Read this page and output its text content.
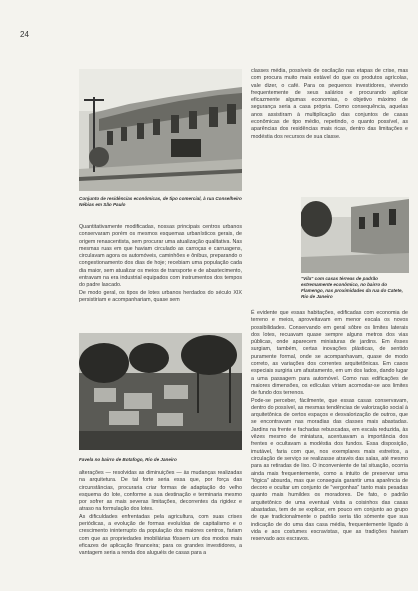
24
Conjunto de residências econômicas, de tipo comercial, à rua Conselheiro Nébias em São Paulo

Quantitativamente modificadas, nossas principais centros urbanos conservaram porém os mesmos esquemas urbanísticos gerais, de origem renascentista, sem procurar uma atualização qualitativa. Nas mesmas ruas em que haviam circulado as carroças e carruagens, circulavam agora os automóveis, caminhões e ônibus, preparando o congestionamento dos dias de hoje; recebiam uma população cada dia maior, sem atualizar os meios de transporte e de abastecimento, entravam na era industrial equipados com instrumentos dos tempos do padre lascado.

De modo geral, os tipos de lotes urbanos herdados do século XIX persistiriam e acompanhariam, quase sem

Favela no bairro de Botafogo, Rio de Janeiro

alterações — resolvidas as diminuições — às mudanças realizadas na arquitetura. De tal forte seria essa que, por força das circunstâncias, procuraria criar formas de adaptação do velho esquema do lote, conforme a sua destinação e terminaria mesmo por sofrer as mais severas limitações, decorrentes da rigidez e atraso na formulação dos lotes.

As dificuldades enfrentadas pela agricultura, com suas crises periódicas, a evolução de formas evoluídas de capitalismo e o crescimento ininterrupto da população dos maiores centros, fariam com que as propriedades imobiliárias fôssem um dos modos mais eficazes de aplicação financeira; para os grandes investidores, a vantagem seria a renda dos aluguéis de casas para a

classes média, possíveis de oscilação nas etapas de crise, mas com procura muito mais estável do que os produtos agrícolas, vale dizer, o café. Para os pequenos investidores, vivendo frequentemente de seus salários e procurando aplicar eficazmente algumas economias, o objetivo máximo de segurança seria a casa própria. Como consequência, aquelas anos assistiram à multiplicação das conjuntos de casas econômicas de tipo médio, repetindo, o quanto possível, as aparências dos residências mais ricas, dentro das limitações e modéstia dos recursos de sua classe.

"Vila" com casas térreas de padrão extremamente econômico, no bairro do Flamengo, nas proximidades da rua do Catete, Rio de Janeiro

É evidente que essas habitações, edificadas com economia de terreno e meios, aproveitavam em menor escala os novos possibilidades. Conservando em geral sôbre os limites laterais dos lotes, recuavam quase sempre alguns metros dos vias públicas, onde aparecem miniaturas de jardins. Em êsses surgiam, também, certas inovações plásticas, de sentido puramente formal, onde se acompanhavam, quase de modo correto, as variações dos correntes arquitetônicas. Em casos especiais surgiria um afastamento, em um dos lados, dando lugar a uma passagem para automóvel. Como nas edificações de maiores dimensões, os edículas viriam acomodar-se aos limites de fundo dos terrenos.

Pode-se perceber, fàcilmente, que essas casas conservavam, dentro do possível, as mesmas tendências de valorização social à arquitetônica de certos espaços e desvalorização de outros, que se encontravam nas moradias das classes mais abastadas. Jardins na frente e fachadas rebuscadas, em escala reduzida, às vêzes mesmo de miniatura, acentuavam a importância dos frentes e ocultavam a modéstia dos fundos. Essa disposição, imutável, faria com que, nos exemplares mais estreitos, a circulação de serviço se realizasse através das salas, até mesmo para as retiradas de lixo. O inconveniente de tal situação, ocorria ainda mais frequentemente, como a intuito de preservar uma "lógica" absurda, mas que conseguia garantir uma aparência de decoro e ocultar um conjunto de "vergonhas" tanto mais pesadas quanto mais humildes os moradores. De fato, o padrão arquitetônico de uma eventual visita a coisinhos das casas abastadas, tem de se explicar, em pouco em conjunto ao grupo de que tradicionalmente o padrão seria tão sòmente que sua indicação de do uma das casa média, frequentemente ligado à vida e aos costumes escravistas, que as tradições haviam reservado aos escravos.
